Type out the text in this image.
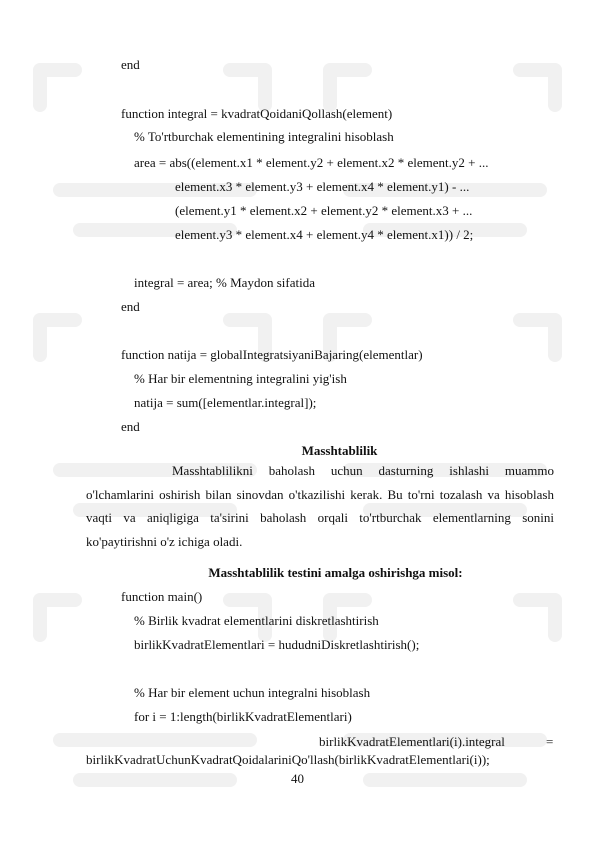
end
function integral = kvadratQoidaniQollash(element)
% To'rtburchak elementining integralini hisoblash
area = abs((element.x1 * element.y2 + element.x2 * element.y2 + ...
element.x3 * element.y3 + element.x4 * element.y1) - ...
(element.y1 * element.x2 + element.y2 * element.x3 + ...
element.y3 * element.x4 + element.y4 * element.x1)) / 2;
integral = area; % Maydon sifatida
end
function natija = globalIntegratsiyaniBajaring(elementlar)
% Har bir elementning integralini yig'ish
natija = sum([elementlar.integral]);
end
Masshtablilik
Masshtablilikni baholash uchun dasturning ishlashi muammo o'lchamlarini oshirish bilan sinovdan o'tkazilishi kerak. Bu to'rni tozalash va hisoblash vaqti va aniqligiga ta'sirini baholash orqali to'rtburchak elementlarning sonini ko'paytirishni o'z ichiga oladi.
Masshtablilik testini amalga oshirishga misol:
function main()
% Birlik kvadrat elementlarini diskretlashtirish
birlikKvadratElementlari = hududniDiskretlashtirish();
% Har bir element uchun integralni hisoblash
for i = 1:length(birlikKvadratElementlari)
birlikKvadratElementlari(i).integral	=
birlikKvadratUchunKvadratQoidalariniQo'llash(birlikKvadratElementlari(i));
40
